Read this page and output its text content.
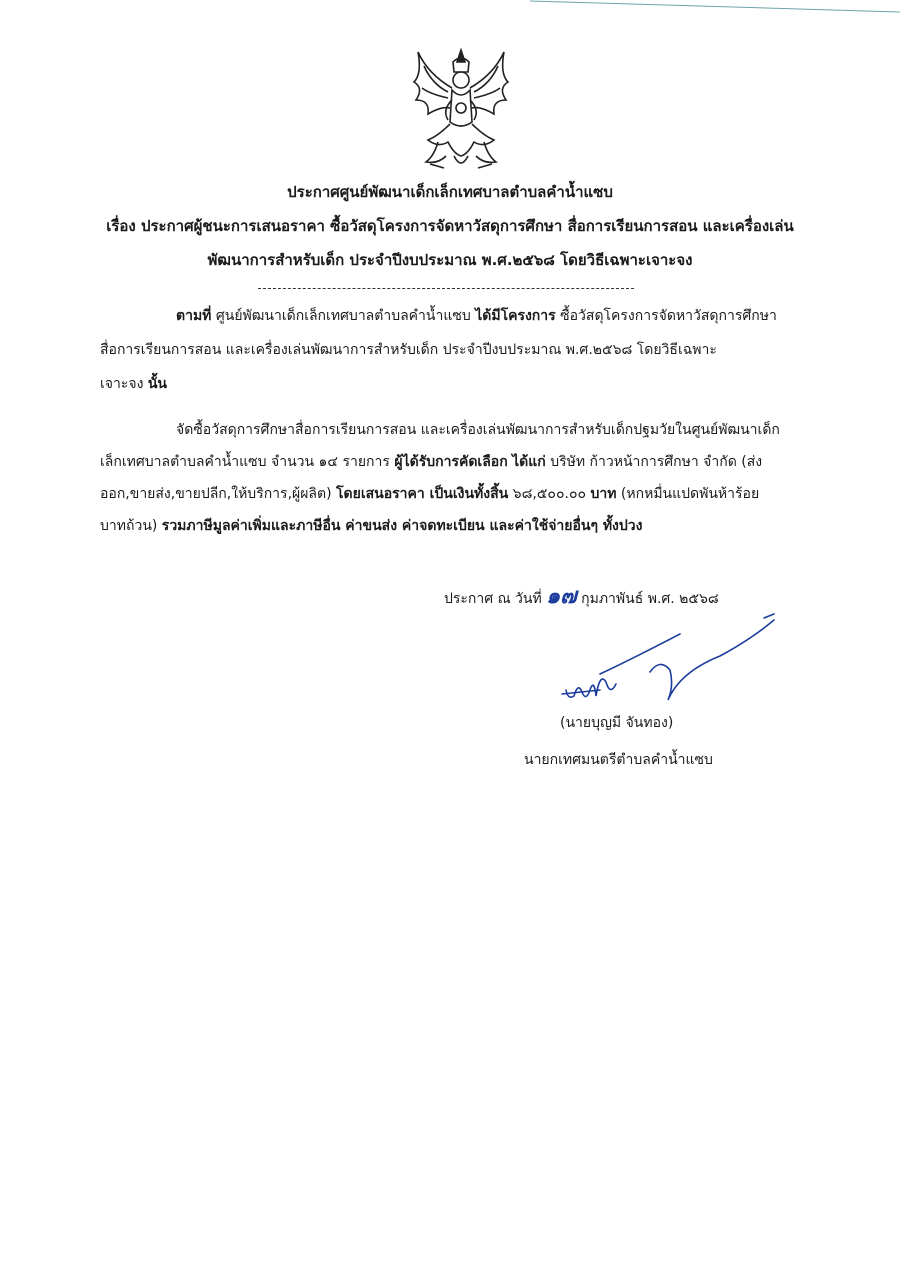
ประกาศศูนย์พัฒนาเด็กเล็กเทศบาลตำบลคำน้ำแซบ
เรื่อง ประกาศผู้ชนะการเสนอราคา ซื้อวัสดุโครงการจัดหาวัสดุการศึกษา สื่อการเรียนการสอน และเครื่องเล่น
พัฒนาการสำหรับเด็ก ประจำปีงบประมาณ พ.ศ.๒๕๖๘ โดยวิธีเฉพาะเจาะจง
ตามที่ ศูนย์พัฒนาเด็กเล็กเทศบาลตำบลคำน้ำแซบ ได้มีโครงการ ซื้อวัสดุโครงการจัดหาวัสดุการศึกษา
สื่อการเรียนการสอน และเครื่องเล่นพัฒนาการสำหรับเด็ก ประจำปีงบประมาณ พ.ศ.๒๕๖๘ โดยวิธีเฉพาะ
เจาะจง นั้น
จัดซื้อวัสดุการศึกษาสื่อการเรียนการสอน และเครื่องเล่นพัฒนาการสำหรับเด็กปฐมวัยในศูนย์พัฒนาเด็ก
เล็กเทศบาลตำบลคำน้ำแซบ จำนวน ๑๔ รายการ ผู้ได้รับการคัดเลือก ได้แก่ บริษัท ก้าวหน้าการศึกษา จำกัด (ส่ง
ออก,ขายส่ง,ขายปลีก,ให้บริการ,ผู้ผลิต) โดยเสนอราคา เป็นเงินทั้งสิ้น ๖๘,๕๐๐.๐๐ บาท (หกหมื่นแปดพันห้าร้อย
บาทถ้วน) รวมภาษีมูลค่าเพิ่มและภาษีอื่น ค่าขนส่ง ค่าจดทะเบียน และค่าใช้จ่ายอื่นๆ ทั้งปวง
ประกาศ ณ วันที่ ๑๗ กุมภาพันธ์ พ.ศ. ๒๕๖๘
(นายบุญมี จันทอง)
นายกเทศมนตรีตำบลคำน้ำแซบ
